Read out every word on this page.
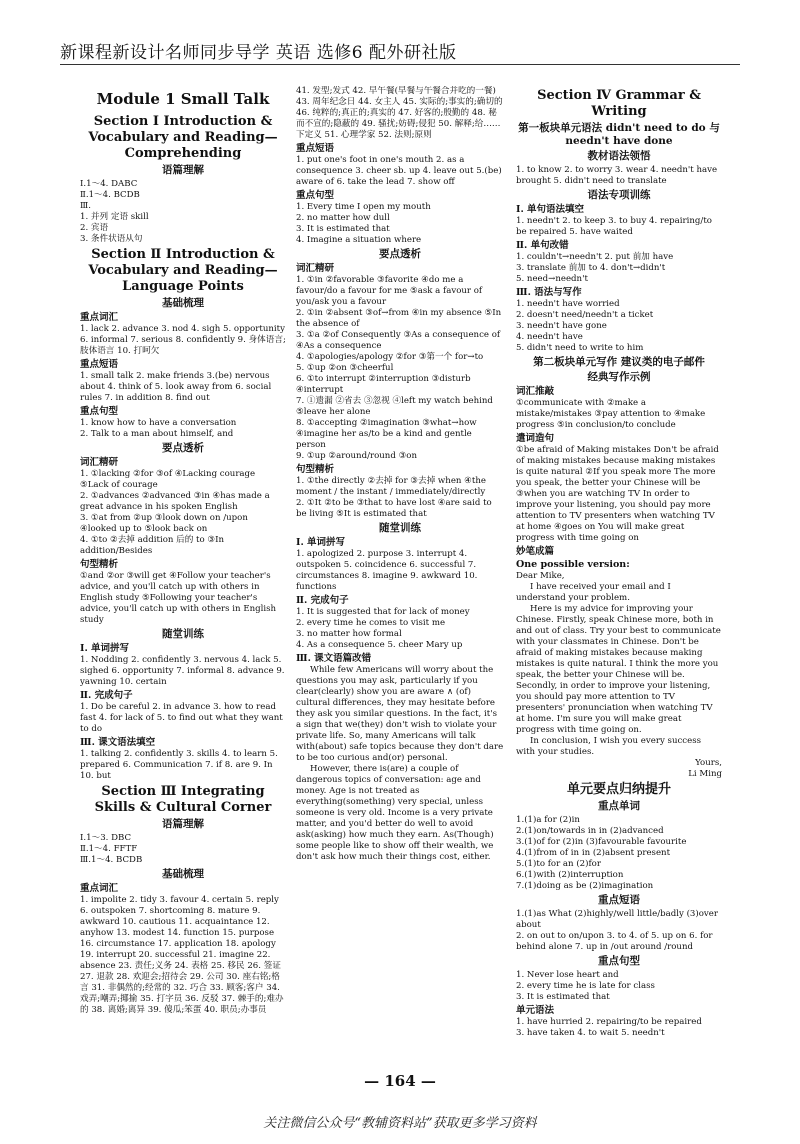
新课程新设计名师同步导学 英语 选修6 配外研社版
Module 1 Small Talk
Section Ⅰ Introduction & Vocabulary and Reading—Comprehending
语篇理解
Ⅰ.1～4. DABC
Ⅱ.1～4. BCDB
Ⅲ.
1. 并列 定语 skill
2. 宾语
3. 条件状语从句
Section Ⅱ Introduction & Vocabulary and Reading—Language Points
基础梳理
重点词汇
1. lack 2. advance 3. nod 4. sigh 5. opportunity 6. informal 7. serious 8. confidently 9. 身体语言;肢体语言 10. 打呵欠
重点短语
1. small talk 2. make friends 3.(be) nervous about 4. think of 5. look away from 6. social rules 7. in addition 8. find out
重点句型
1. know how to have a conversation
2. Talk to a man about himself, and
要点透析
词汇精研
1. ①lacking ②for ③of ④Lacking courage ⑤Lack of courage
2. ①advances ②advanced ③in ④has made a great advance in his spoken English
3. ①at from ②up ③look down on /upon ④looked up to ⑤look back on
4. ①to ②去掉 addition 后的 to ③In addition/Besides
句型精析
①and ②or ③will get ④Follow your teacher's advice, and you'll catch up with others in English study ⑤Following your teacher's advice, you'll catch up with others in English study
随堂训练
Ⅰ. 单词拼写
1. Nodding 2. confidently 3. nervous 4. lack 5. sighed 6. opportunity 7. informal 8. advance 9. yawning 10. certain
Ⅱ. 完成句子
1. Do be careful 2. in advance 3. how to read fast 4. for lack of 5. to find out what they want to do
Ⅲ. 课文语法填空
1. talking 2. confidently 3. skills 4. to learn 5. prepared 6. Communication 7. if 8. are 9. In 10. but
Section Ⅲ Integrating Skills & Cultural Corner
语篇理解
Ⅰ.1～3. DBC
Ⅱ.1～4. FFTF
Ⅲ.1～4. BCDB
基础梳理
重点词汇
1. impolite 2. tidy 3. favour 4. certain 5. reply 6. outspoken 7. shortcoming 8. mature 9. awkward 10. cautious 11. acquaintance 12. anyhow 13. modest 14. function 15. purpose 16. circumstance 17. application 18. apology 19. interrupt 20. successful 21. imagine 22. absence 23. 责任;义务 24. 表格 25. 移民 26. 签证 27. 退款 28. 欢迎会;招待会 29. 公司 30. 座右铭;格言 31. 非偶然的;经常的 32. 巧合 33. 顾客;客户 34. 戏弄;嘲弄;揶揄 35. 打字员 36. 反驳 37. 棘手的;难办的 38. 离婚;离异 39. 傻瓜;笨蛋 40. 职员;办事员
41. 发型;发式 42. 早午餐(早餐与午餐合并吃的一餐) 43. 周年纪念日 44. 女主人 45. 实际的;事实的;确切的 46. 纯粹的;真正的;真实的 47. 好客的;殷勤的 48. 秘而不宣的;隐蔽的 49. 骚扰;妨碍;侵犯 50. 解释;给……下定义 51. 心理学家 52. 法则;原则
重点短语
1. put one's foot in one's mouth 2. as a consequence 3. cheer sb. up 4. leave out 5.(be) aware of 6. take the lead 7. show off
重点句型
1. Every time I open my mouth
2. no matter how dull
3. It is estimated that
4. Imagine a situation where
要点透析
词汇精研
1. ①in ②favorable ③favorite ④do me a favour/do a favour for me ⑤ask a favour of you/ask you a favour
2. ①in ②absent ③of→from ④in my absence ⑤In the absence of
3. ①a ②of Consequently ③As a consequence of ④As a consequence
4. ①apologies/apology ②for ③第一个 for→to
5. ①up ②on ③cheerful
6. ①to interrupt ②interruption ③disturb ④interrupt
7. ①遗漏 ②省去 ③忽视 ④left my watch behind ⑤leave her alone
8. ①accepting ②imagination ③what→how ④imagine her as/to be a kind and gentle person
9. ①up ②around/round ③on
句型精析
1. ①the directly ②去掉 for ③去掉 when ④the moment / the instant / immediately/directly
2. ①It ②to be ③that to have lost ④are said to be living ⑤It is estimated that
随堂训练
Ⅰ. 单词拼写
1. apologized 2. purpose 3. interrupt 4. outspoken 5. coincidence 6. successful 7. circumstances 8. imagine 9. awkward 10. functions
Ⅱ. 完成句子
1. It is suggested that for lack of money
2. every time he comes to visit me
3. no matter how formal
4. As a consequence 5. cheer Mary up
Ⅲ. 课文语篇改错
While few Americans will worry about the questions you may ask, particularly if you clear(clearly) show you are aware ∧ (of) cultural differences, they may hesitate before they ask you similar questions. In the fact, it's a sign that we(they) don't wish to violate your private life. So, many Americans will talk with(about) safe topics because they don't dare to be too curious and(or) personal.
However, there is(are) a couple of dangerous topics of conversation: age and money. Age is not treated as everything(something) very special, unless someone is very old. Income is a very private matter, and you'd better do well to avoid ask(asking) how much they earn. As(Though) some people like to show off their wealth, we don't ask how much their things cost, either.
Section Ⅳ Grammar & Writing
第一板块单元语法 didn't need to do 与 needn't have done
教材语法领悟
1. to know 2. to worry 3. wear 4. needn't have brought 5. didn't need to translate
语法专项训练
Ⅰ. 单句语法填空
1. needn't 2. to keep 3. to buy 4. repairing/to be repaired 5. have waited
Ⅱ. 单句改错
1. couldn't→needn't 2. put 前加 have
3. translate 前加 to 4. don't→didn't
5. need→needn't
Ⅲ. 语法与写作
1. needn't have worried
2. doesn't need/needn't a ticket
3. needn't have gone
4. needn't have
5. didn't need to write to him
第二板块单元写作 建议类的电子邮件
经典写作示例
词汇推敲
①communicate with ②make a mistake/mistakes ③pay attention to ④make progress ⑤in conclusion/to conclude
遣词造句
①be afraid of Making mistakes Don't be afraid of making mistakes because making mistakes is quite natural ②If you speak more The more you speak, the better your Chinese will be ③when you are watching TV In order to improve your listening, you should pay more attention to TV presenters when watching TV at home ④goes on You will make great progress with time going on
妙笔成篇
One possible version:
Dear Mike,
I have received your email and I understand your problem.
Here is my advice for improving your Chinese. Firstly, speak Chinese more, both in and out of class. Try your best to communicate with your classmates in Chinese. Don't be afraid of making mistakes because making mistakes is quite natural. I think the more you speak, the better your Chinese will be. Secondly, in order to improve your listening, you should pay more attention to TV presenters' pronunciation when watching TV at home. I'm sure you will make great progress with time going on.
In conclusion, I wish you every success with your studies.
Yours,
Li Ming
单元要点归纳提升
重点单词
1.(1)a for (2)in
2.(1)on/towards in in (2)advanced
3.(1)of for (2)in (3)favourable favourite
4.(1)from of in in (2)absent present
5.(1)to for an (2)for
6.(1)with (2)interruption
7.(1)doing as be (2)imagination
重点短语
1.(1)as What (2)highly/well little/badly (3)over about
2. on out to on/upon 3. to 4. of 5. up on 6. for behind alone 7. up in /out around /round
重点句型
1. Never lose heart and
2. every time he is late for class
3. It is estimated that
单元语法
1. have hurried 2. repairing/to be repaired
3. have taken 4. to wait 5. needn't
— 164 —
关注微信公众号“教辅资料站”获取更多学习资料
